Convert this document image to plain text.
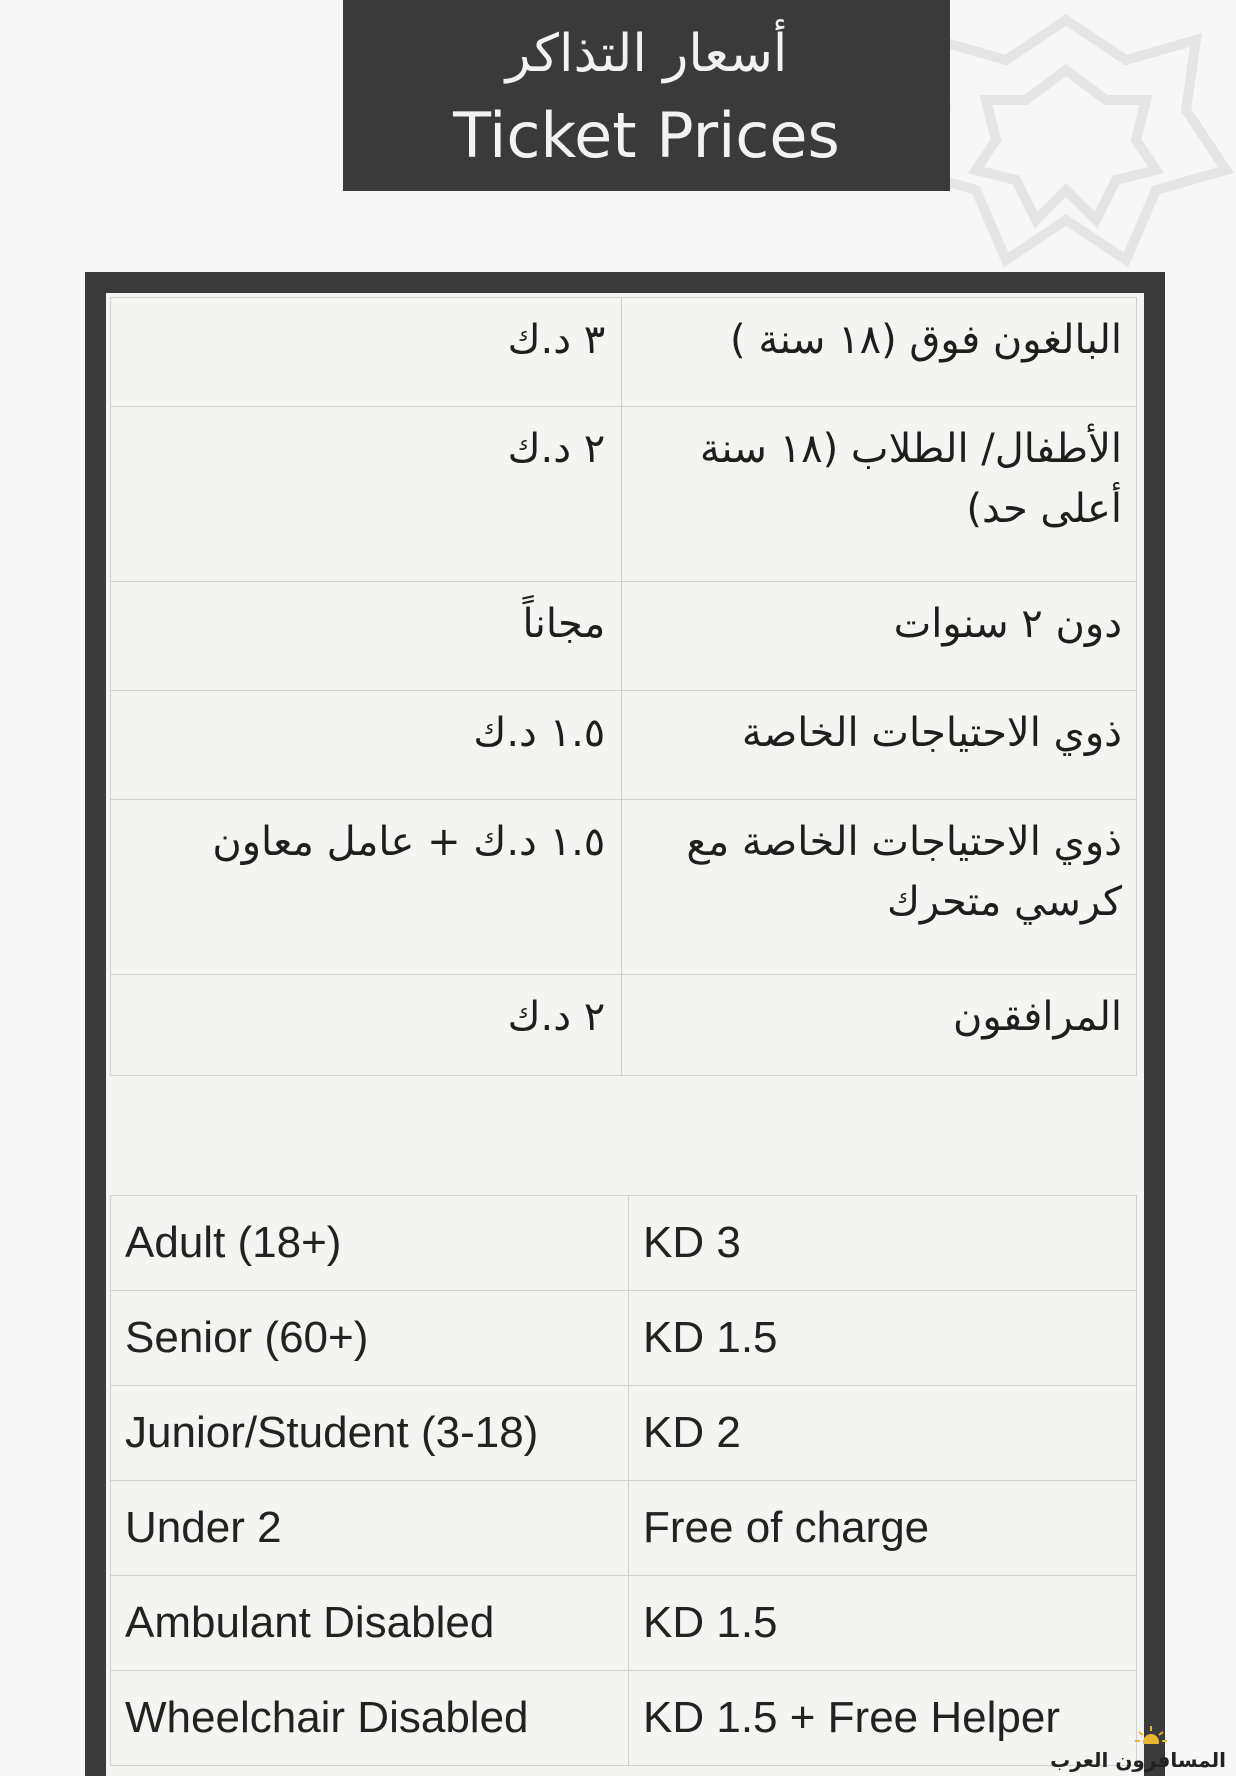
أسعار التذاكر
Ticket Prices
البالغون فوق (١٨ سنة )	٣ د.ك
الأطفال/ الطلاب (١٨ سنة أعلى حد)	٢ د.ك
دون ٢ سنوات	مجاناً
ذوي الاحتياجات الخاصة	١.٥ د.ك
ذوي الاحتياجات الخاصة مع كرسي متحرك	١.٥ د.ك + عامل معاون
المرافقون	٢ د.ك
Adult (18+)	KD 3
Senior (60+)	KD 1.5
Junior/Student (3-18)	KD 2
Under 2	Free of charge
Ambulant Disabled	KD 1.5
Wheelchair Disabled	KD 1.5 + Free Helper
المسافرون العرب
